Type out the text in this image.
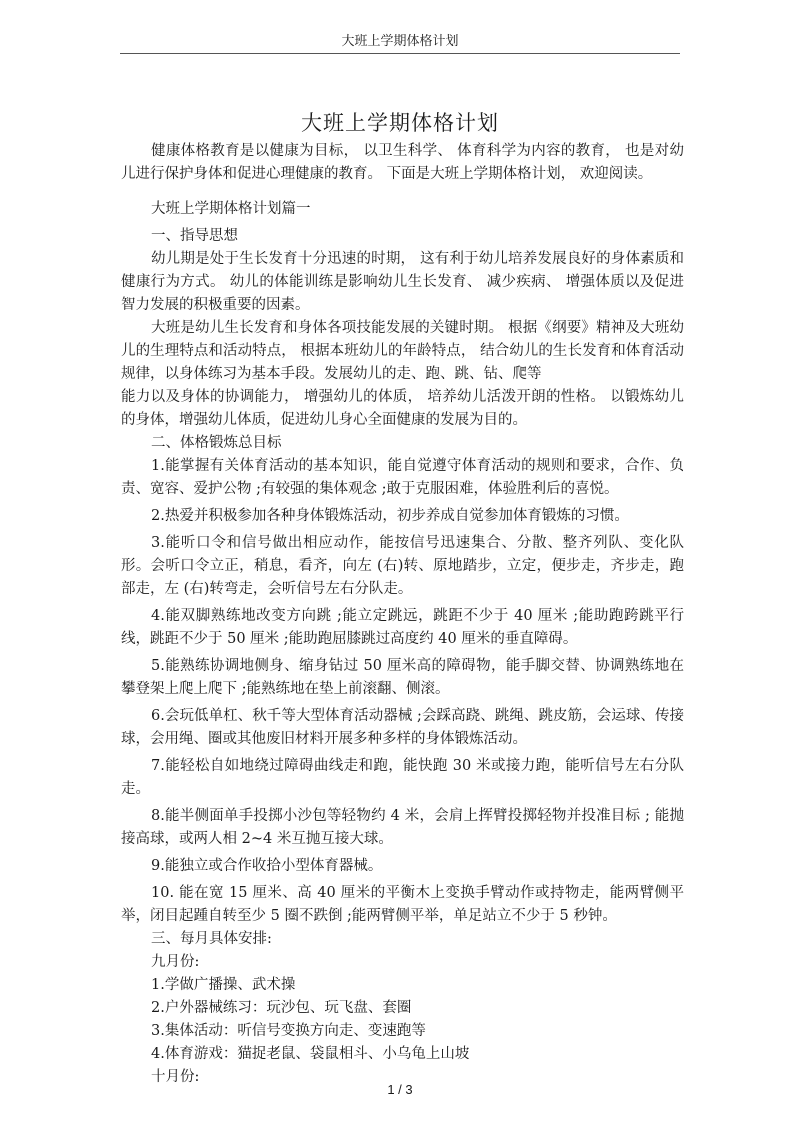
大班上学期体格计划
大班上学期体格计划

健康体格教育是以健康为目标， 以卫生科学、 体育科学为内容的教育， 也是对幼儿进行保护身体和促进心理健康的教育。 下面是大班上学期体格计划， 欢迎阅读。

大班上学期体格计划篇一

一、指导思想

幼儿期是处于生长发育十分迅速的时期， 这有利于幼儿培养发展良好的身体素质和健康行为方式。 幼儿的体能训练是影响幼儿生长发育、 减少疾病、 增强体质以及促进智力发展的积极重要的因素。

大班是幼儿生长发育和身体各项技能发展的关键时期。 根据《纲要》精神及大班幼儿的生理特点和活动特点， 根据本班幼儿的年龄特点， 结合幼儿的生长发育和体育活动规律，以身体练习为基本手段。发展幼儿的走、跑、跳、钻、爬等

能力以及身体的协调能力， 增强幼儿的体质， 培养幼儿活泼开朗的性格。 以锻炼幼儿的身体，增强幼儿体质，促进幼儿身心全面健康的发展为目的。

二、体格锻炼总目标

1.能掌握有关体育活动的基本知识，能自觉遵守体育活动的规则和要求，合作、负责、宽容、爱护公物 ;有较强的集体观念 ;敢于克服困难，体验胜利后的喜悦。

2.热爱并积极参加各种身体锻炼活动，初步养成自觉参加体育锻炼的习惯。

3.能听口令和信号做出相应动作，能按信号迅速集合、分散、整齐列队、变化队形。会听口令立正，稍息，看齐，向左 (右)转、原地踏步，立定，便步走，齐步走，跑部走，左 (右)转弯走，会听信号左右分队走。

4.能双脚熟练地改变方向跳 ;能立定跳远，跳距不少于 40 厘米 ;能助跑跨跳平行线，跳距不少于 50 厘米 ;能助跑屈膝跳过高度约 40 厘米的垂直障碍。

5.能熟练协调地侧身、缩身钻过 50 厘米高的障碍物，能手脚交替、协调熟练地在攀登架上爬上爬下 ;能熟练地在垫上前滚翻、侧滚。

6.会玩低单杠、秋千等大型体育活动器械 ;会踩高跷、跳绳、跳皮筋，会运球、传接球，会用绳、圈或其他废旧材料开展多种多样的身体锻炼活动。

7.能轻松自如地绕过障碍曲线走和跑，能快跑 30 米或接力跑，能听信号左右分队走。

8.能半侧面单手投掷小沙包等轻物约 4 米，会肩上挥臂投掷轻物并投准目标 ; 能抛接高球，或两人相 2~4 米互抛互接大球。

9.能独立或合作收拾小型体育器械。

10. 能在宽 15 厘米、高 40 厘米的平衡木上变换手臂动作或持物走，能两臂侧平举，闭目起踵自转至少 5 圈不跌倒 ;能两臂侧平举，单足站立不少于 5 秒钟。

三、每月具体安排:

九月份:

1.学做广播操、武术操

2.户外器械练习：玩沙包、玩飞盘、套圈

3.集体活动：听信号变换方向走、变速跑等

4.体育游戏：猫捉老鼠、袋鼠相斗、小乌龟上山坡

十月份:

1 / 3
